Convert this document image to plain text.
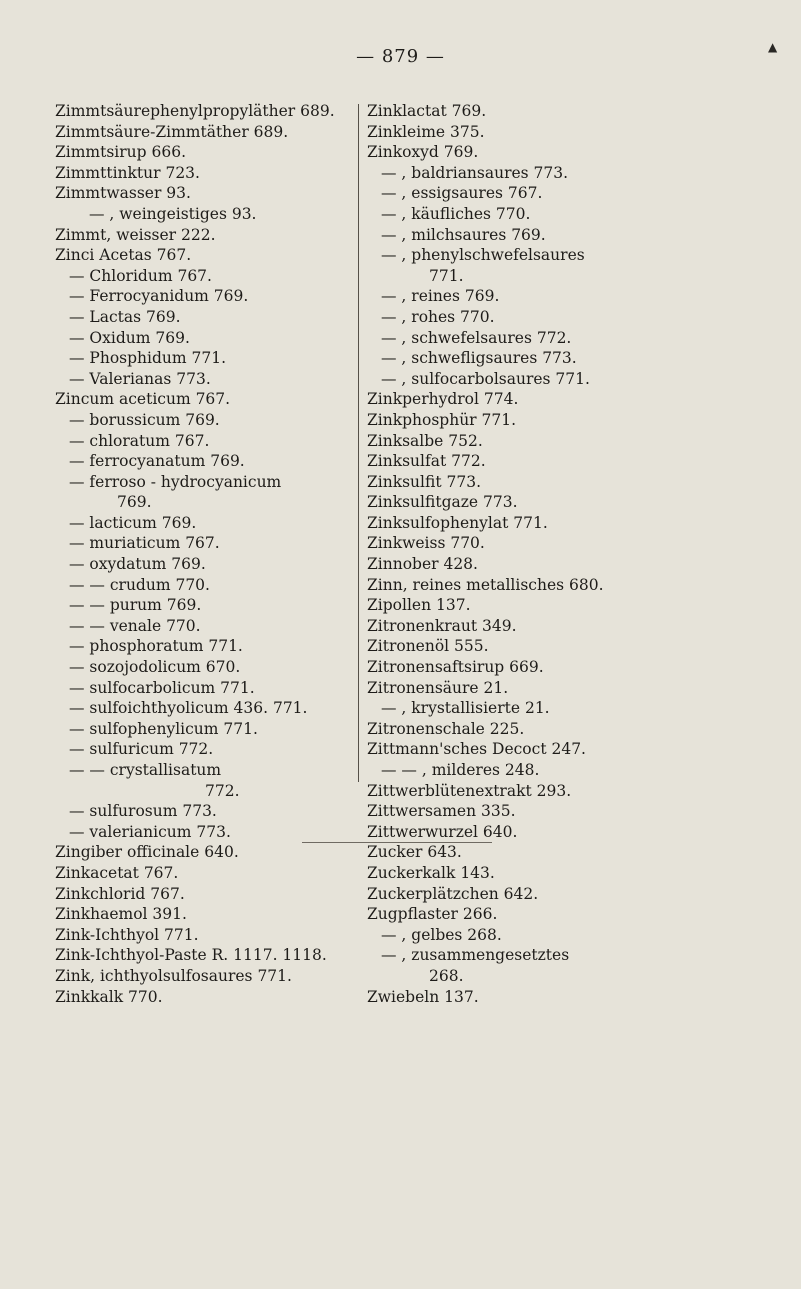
— 879 —	▲
Zimmtsäurephenylpropyläther 689.
Zimmtsäure-Zimmtäther 689.
Zimmtsirup 666.
Zimmttinktur 723.
Zimmtwasser 93.
— , weingeistiges 93.
Zimmt, weisser 222.
Zinci Acetas 767.
— Chloridum 767.
— Ferrocyanidum 769.
— Lactas 769.
— Oxidum 769.
— Phosphidum 771.
— Valerianas 773.
Zincum aceticum 767.
— borussicum 769.
— chloratum 767.
— ferrocyanatum 769.
— ferroso - hydrocyanicum
769.
— lacticum 769.
— muriaticum 767.
— oxydatum 769.
— — crudum 770.
— — purum 769.
— — venale 770.
— phosphoratum 771.
— sozojodolicum 670.
— sulfocarbolicum 771.
— sulfoichthyolicum 436. 771.
— sulfophenylicum 771.
— sulfuricum 772.
— — crystallisatum
772.
— sulfurosum 773.
— valerianicum 773.
Zingiber officinale 640.
Zinkacetat 767.
Zinkchlorid 767.
Zinkhaemol 391.
Zink-Ichthyol 771.
Zink-Ichthyol-Paste R. 1117. 1118.
Zink, ichthyolsulfosaures 771.
Zinkkalk 770.
Zinklactat 769.
Zinkleime 375.
Zinkoxyd 769.
— , baldriansaures 773.
— , essigsaures 767.
— , käufliches 770.
— , milchsaures 769.
— , phenylschwefelsaures
771.
— , reines 769.
— , rohes 770.
— , schwefelsaures 772.
— , schwefligsaures 773.
— , sulfocarbolsaures 771.
Zinkperhydrol 774.
Zinkphosphür 771.
Zinksalbe 752.
Zinksulfat 772.
Zinksulfit 773.
Zinksulfitgaze 773.
Zinksulfophenylat 771.
Zinkweiss 770.
Zinnober 428.
Zinn, reines metallisches 680.
Zipollen 137.
Zitronenkraut 349.
Zitronenöl 555.
Zitronensaftsirup 669.
Zitronensäure 21.
— , krystallisierte 21.
Zitronenschale 225.
Zittmann'sches Decoct 247.
— — , milderes 248.
Zittwerblütenextrakt 293.
Zittwersamen 335.
Zittwerwurzel 640.
Zucker 643.
Zuckerkalk 143.
Zuckerplätzchen 642.
Zugpflaster 266.
— , gelbes 268.
— , zusammengesetztes
268.
Zwiebeln 137.
